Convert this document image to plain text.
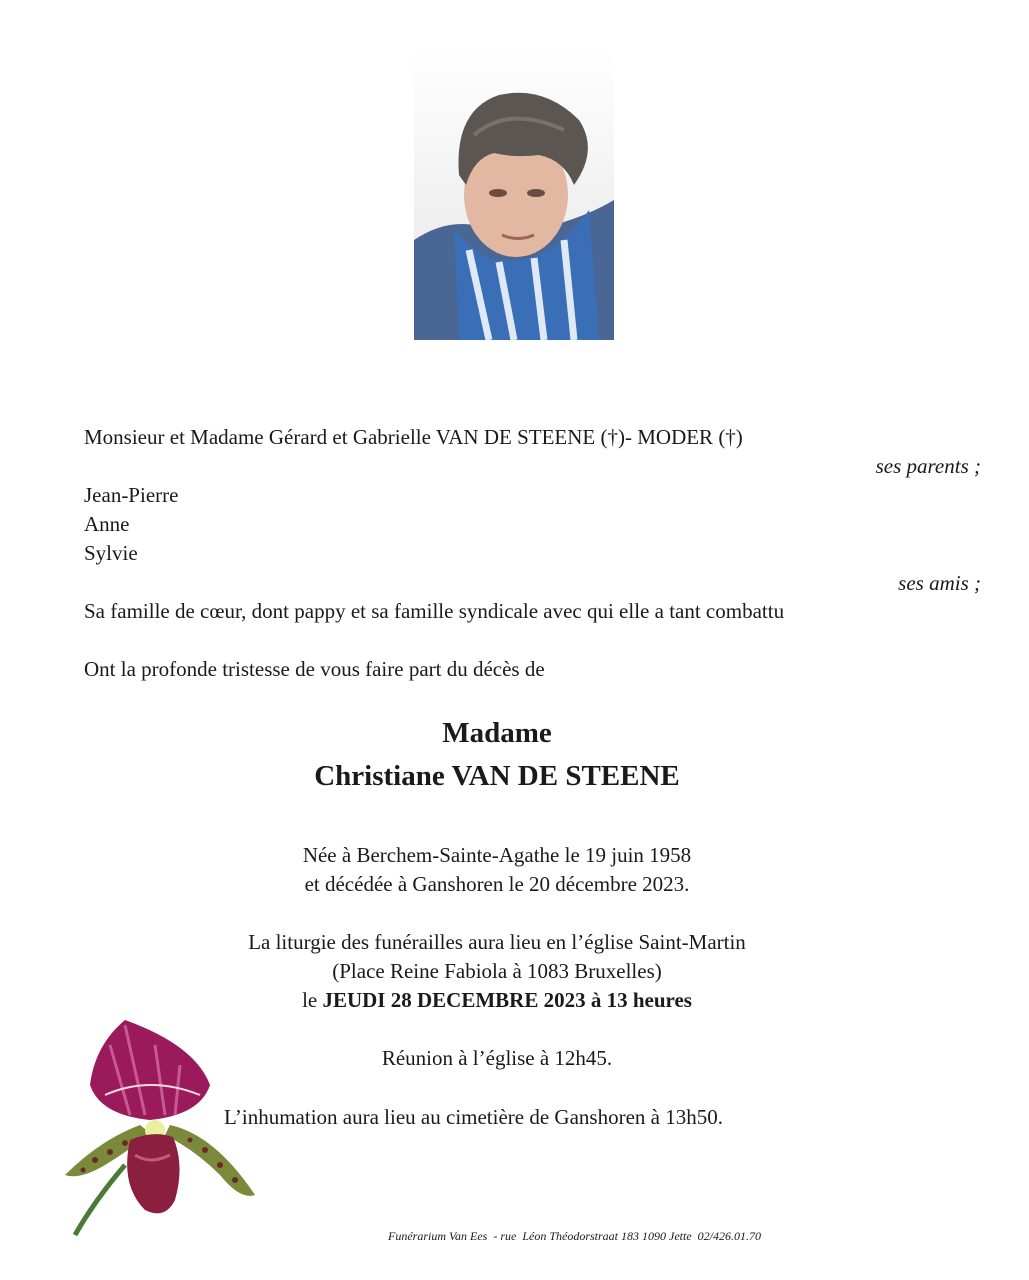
Monsieur et Madame Gérard et Gabrielle VAN DE STEENE (†)- MODER (†)
ses parents ;
Jean-Pierre
Anne
Sylvie
ses amis ;
Sa famille de cœur, dont pappy et sa famille syndicale avec qui elle a tant combattu
Ont la profonde tristesse de vous faire part du décès de
Madame
Christiane VAN DE STEENE
Née à Berchem-Sainte-Agathe le 19 juin 1958
et décédée à Ganshoren le 20 décembre 2023.
La liturgie des funérailles aura lieu en l’église Saint-Martin
(Place Reine Fabiola à 1083 Bruxelles)
le JEUDI 28 DECEMBRE 2023 à 13 heures
Réunion à l’église à 12h45.
L’inhumation aura lieu au cimetière de Ganshoren à 13h50.
Funérarium Van Ees  - rue  Léon Théodorstraat 183 1090 Jette  02/426.01.70
